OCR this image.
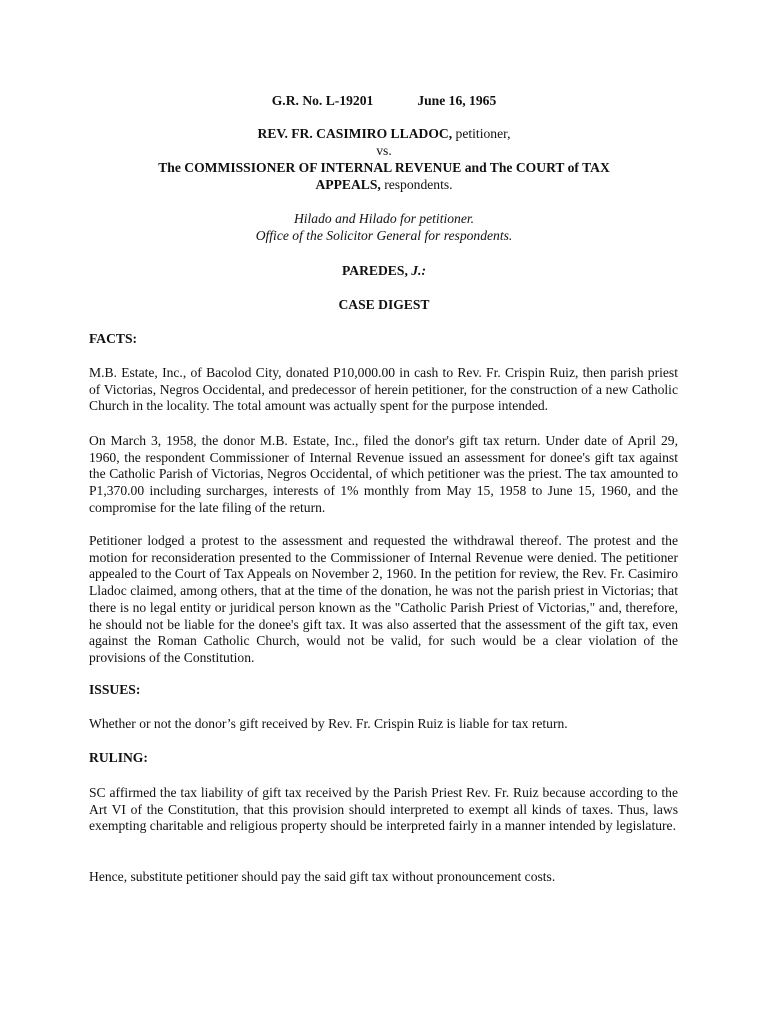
G.R. No. L-19201	June 16, 1965

REV. FR. CASIMIRO LLADOC, petitioner,

vs.

The COMMISSIONER OF INTERNAL REVENUE and The COURT of TAX

APPEALS, respondents.

Hilado and Hilado for petitioner.

Office of the Solicitor General for respondents.

PAREDES, J.:

CASE DIGEST

FACTS:

M.B. Estate, Inc., of Bacolod City, donated P10,000.00 in cash to Rev. Fr. Crispin Ruiz, then parish priest of Victorias, Negros Occidental, and predecessor of herein petitioner, for the construction of a new Catholic Church in the locality. The total amount was actually spent for the purpose intended.

On March 3, 1958, the donor M.B. Estate, Inc., filed the donor's gift tax return. Under date of April 29, 1960, the respondent Commissioner of Internal Revenue issued an assessment for donee's gift tax against the Catholic Parish of Victorias, Negros Occidental, of which petitioner was the priest. The tax amounted to P1,370.00 including surcharges, interests of 1% monthly from May 15, 1958 to June 15, 1960, and the compromise for the late filing of the return.

Petitioner lodged a protest to the assessment and requested the withdrawal thereof. The protest and the motion for reconsideration presented to the Commissioner of Internal Revenue were denied. The petitioner appealed to the Court of Tax Appeals on November 2, 1960. In the petition for review, the Rev. Fr. Casimiro Lladoc claimed, among others, that at the time of the donation, he was not the parish priest in Victorias; that there is no legal entity or juridical person known as the "Catholic Parish Priest of Victorias," and, therefore, he should not be liable for the donee's gift tax. It was also asserted that the assessment of the gift tax, even against the Roman Catholic Church, would not be valid, for such would be a clear violation of the provisions of the Constitution.

ISSUES:

Whether or not the donor’s gift received by Rev. Fr. Crispin Ruiz is liable for tax return.

RULING:

SC affirmed the tax liability of gift tax received by the Parish Priest Rev. Fr. Ruiz because according to the Art VI of the Constitution, that this provision should interpreted to exempt all kinds of taxes. Thus, laws exempting charitable and religious property should be interpreted fairly in a manner intended by legislature.

Hence, substitute petitioner should pay the said gift tax without pronouncement costs.
